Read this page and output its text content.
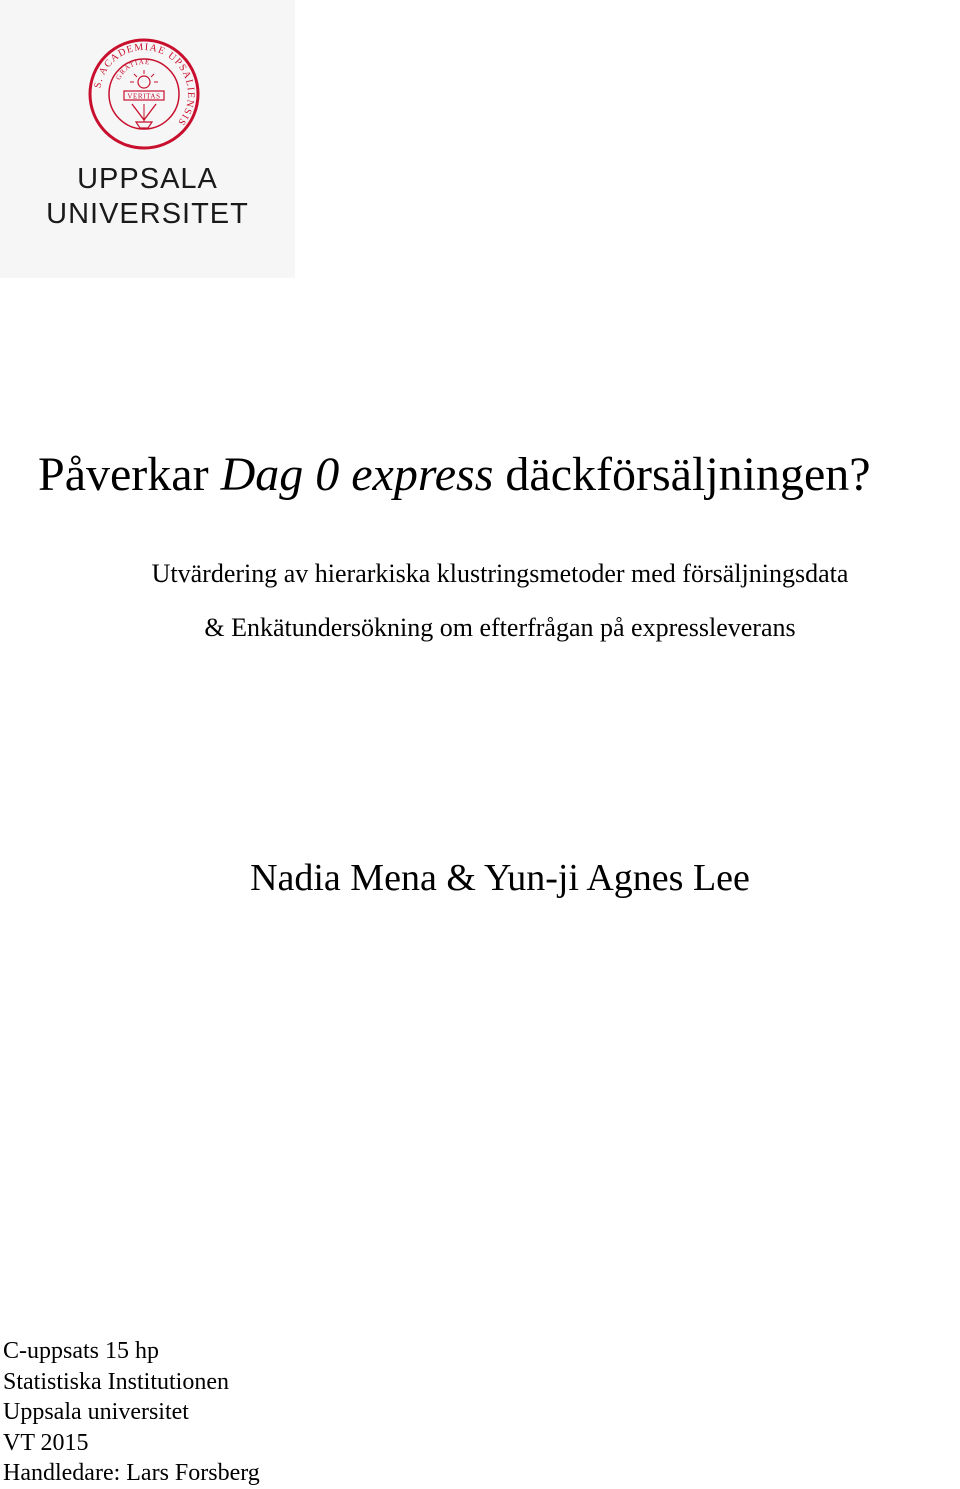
S. ACADEMIAE UPSALIENSIS
GRATIAE
VERITAS
UPPSALA
UNIVERSITET
Påverkar Dag 0 express däckförsäljningen?
Utvärdering av hierarkiska klustringsmetoder med försäljningsdata
& Enkätundersökning om efterfrågan på expressleverans
Nadia Mena & Yun-ji Agnes Lee
C-uppsats 15 hp
Statistiska Institutionen
Uppsala universitet
VT 2015
Handledare: Lars Forsberg
